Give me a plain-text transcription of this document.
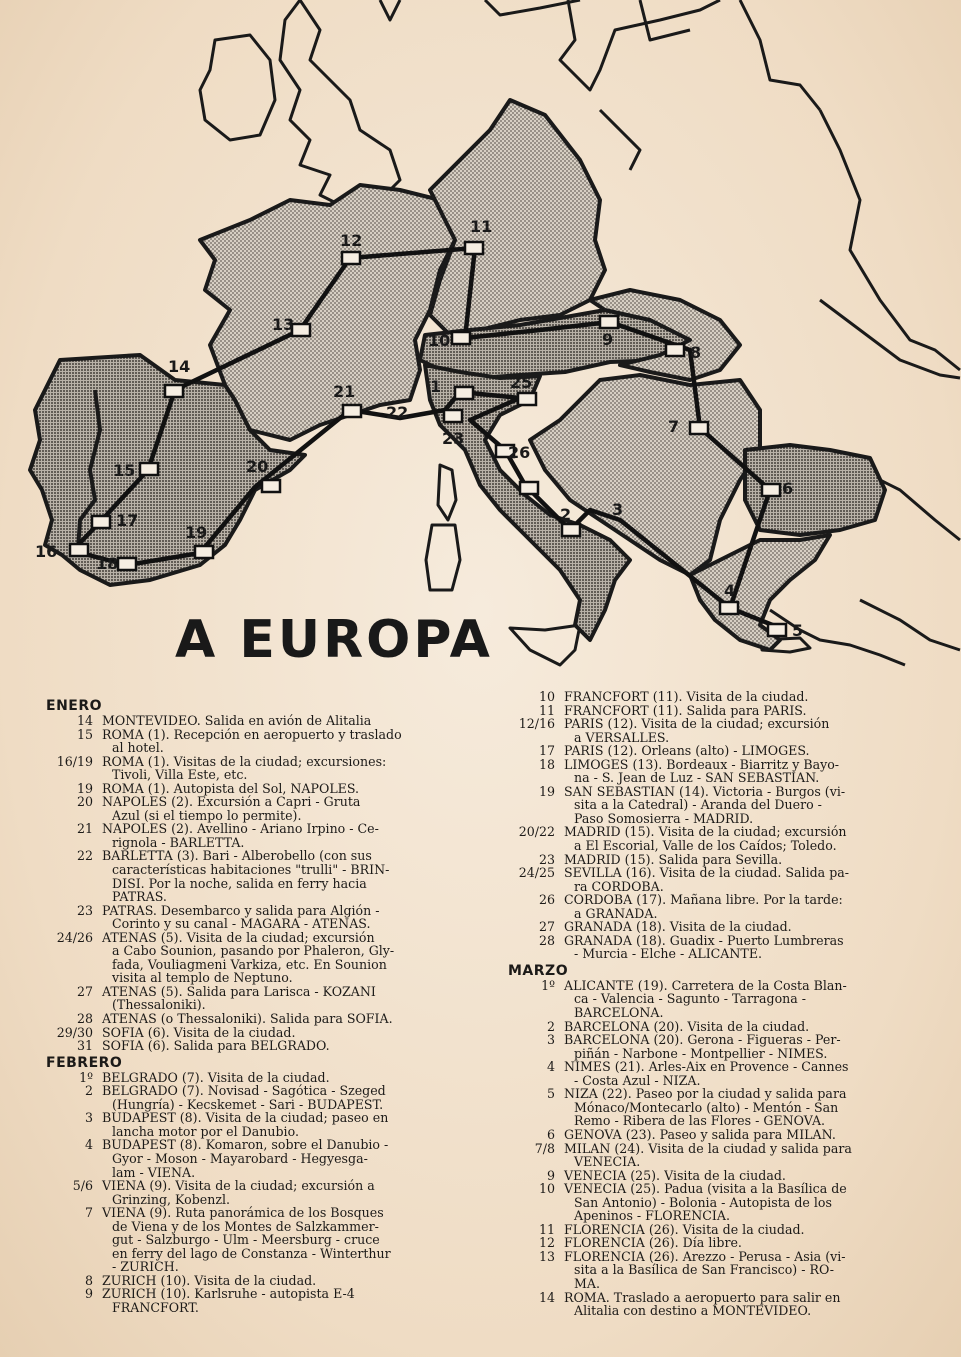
1
2	3
4
5
6
7
8
9
10
11
12
13
14
15
16
17
18
19
20
21
22
23
25
26
A EUROPA
ENERO
14 MONTEVIDEO. Salida en avión de Alitalia
15 ROMA (1). Recepción en aeropuerto y traslado
al hotel.
16/19 ROMA (1). Visitas de la ciudad; excursiones:
Tivoli, Villa Este, etc.
19 ROMA (1). Autopista del Sol, NAPOLES.
20 NAPOLES (2). Excursión a Capri - Gruta
Azul (si el tiempo lo permite).
21 NAPOLES (2). Avellino - Ariano Irpino - Ce-
rignola - BARLETTA.
22 BARLETTA (3). Bari - Alberobello (con sus
características habitaciones "trulli" - BRIN-
DISI. Por la noche, salida en ferry hacia
PATRAS.
23 PATRAS. Desembarco y salida para Algión -
Corinto y su canal - MAGARA - ATENAS.
24/26 ATENAS (5). Visita de la ciudad; excursión
a Cabo Sounion, pasando por Phaleron, Gly-
fada, Vouliagmeni Varkiza, etc. En Sounion
visita al templo de Neptuno.
27 ATENAS (5). Salida para Larisca - KOZANI
(Thessaloniki).
28 ATENAS (o Thessaloniki). Salida para SOFIA.
29/30 SOFIA (6). Visita de la ciudad.
31 SOFIA (6). Salida para BELGRADO.
FEBRERO
1º BELGRADO (7). Visita de la ciudad.
2 BELGRADO (7). Novisad - Sagótica - Szeged
(Hungría) - Kecskemet - Sari - BUDAPEST.
3 BUDAPEST (8). Visita de la ciudad; paseo en
lancha motor por el Danubio.
4 BUDAPEST (8). Komaron, sobre el Danubio -
Gyor - Moson - Mayarobard - Hegyesga-
lam - VIENA.
5/6 VIENA (9). Visita de la ciudad; excursión a
Grinzing, Kobenzl.
7 VIENA (9). Ruta panorámica de los Bosques
de Viena y de los Montes de Salzkammer-
gut - Salzburgo - Ulm - Meersburg - cruce
en ferry del lago de Constanza - Winterthur
- ZURICH.
8 ZURICH (10). Visita de la ciudad.
9 ZURICH (10). Karlsruhe - autopista E-4
FRANCFORT.
10 FRANCFORT (11). Visita de la ciudad.
11 FRANCFORT (11). Salida para PARIS.
12/16 PARIS (12). Visita de la ciudad; excursión
a VERSALLES.
17 PARIS (12). Orleans (alto) - LIMOGES.
18 LIMOGES (13). Bordeaux - Biarritz y Bayo-
na - S. Jean de Luz - SAN SEBASTIAN.
19 SAN SEBASTIAN (14). Victoria - Burgos (vi-
sita a la Catedral) - Aranda del Duero -
Paso Somosierra - MADRID.
20/22 MADRID (15). Visita de la ciudad; excursión
a El Escorial, Valle de los Caídos; Toledo.
23 MADRID (15). Salida para Sevilla.
24/25 SEVILLA (16). Visita de la ciudad. Salida pa-
ra CORDOBA.
26 CORDOBA (17). Mañana libre. Por la tarde:
a GRANADA.
27 GRANADA (18). Visita de la ciudad.
28 GRANADA (18). Guadix - Puerto Lumbreras
- Murcia - Elche - ALICANTE.
MARZO
1º ALICANTE (19). Carretera de la Costa Blan-
ca - Valencia - Sagunto - Tarragona -
BARCELONA.
2 BARCELONA (20). Visita de la ciudad.
3 BARCELONA (20). Gerona - Figueras - Per-
piñán - Narbone - Montpellier - NIMES.
4 NIMES (21). Arles-Aix en Provence - Cannes
- Costa Azul - NIZA.
5 NIZA (22). Paseo por la ciudad y salida para
Mónaco/Montecarlo (alto) - Mentón - San
Remo - Ribera de las Flores - GENOVA.
6 GENOVA (23). Paseo y salida para MILAN.
7/8 MILAN (24). Visita de la ciudad y salida para
VENECIA.
9 VENECIA (25). Visita de la ciudad.
10 VENECIA (25). Padua (visita a la Basílica de
San Antonio) - Bolonia - Autopista de los
Apeninos - FLORENCIA.
11 FLORENCIA (26). Visita de la ciudad.
12 FLORENCIA (26). Día libre.
13 FLORENCIA (26). Arezzo - Perusa - Asia (vi-
sita a la Basílica de San Francisco) - RO-
MA.
14 ROMA. Traslado a aeropuerto para salir en
Alitalia con destino a MONTEVIDEO.
